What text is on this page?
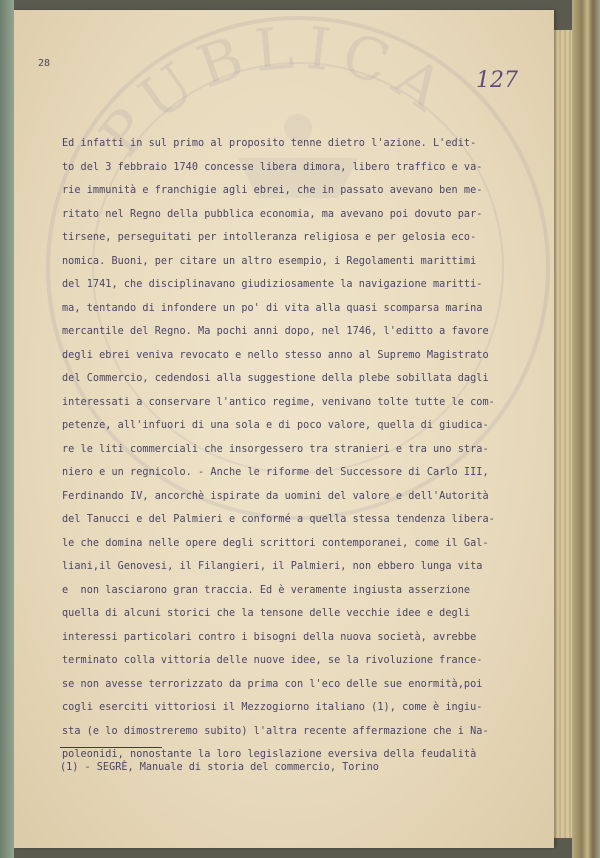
PUBLICA
28
127
Ed infatti in sul primo al proposito tenne dietro l'azione. L'edit-
to del 3 febbraio 1740 concesse libera dimora, libero traffico e va-
rie immunità e franchigie agli ebrei, che in passato avevano ben me-
ritato nel Regno della pubblica economia, ma avevano poi dovuto par-
tirsene, perseguitati per intolleranza religiosa e per gelosia eco-
nomica. Buoni, per citare un altro esempio, i Regolamenti marittimi
del 1741, che disciplinavano giudiziosamente la navigazione maritti-
ma, tentando di infondere un po' di vita alla quasi scomparsa marina
mercantile del Regno. Ma pochi anni dopo, nel 1746, l'editto a favore
degli ebrei veniva revocato e nello stesso anno al Supremo Magistrato
del Commercio, cedendosi alla suggestione della plebe sobillata dagli
interessati a conservare l'antico regime, venivano tolte tutte le com-
petenze, all'infuori di una sola e di poco valore, quella di giudica-
re le liti commerciali che insorgessero tra stranieri e tra uno stra-
niero e un regnicolo. - Anche le riforme del Successore di Carlo III,
Ferdinando IV, ancorchè ispirate da uomini del valore e dell'Autorità
del Tanucci e del Palmieri e conformé a quella stessa tendenza libera-
le che domina nelle opere degli scrittori contemporanei, come il Gal-
liani,il Genovesi, il Filangieri, il Palmieri, non ebbero lunga vita
e  non lasciarono gran traccia. Ed è veramente ingiusta asserzione
quella di alcuni storici che la tensone delle vecchie idee e degli
interessi particolari contro i bisogni della nuova società, avrebbe
terminato colla vittoria delle nuove idee, se la rivoluzione france-
se non avesse terrorizzato da prima con l'eco delle sue enormità,poi
cogli eserciti vittoriosi il Mezzogiorno italiano (1), come è ingiu-
sta (e lo dimostreremo subito) l'altra recente affermazione che i Na-
poleonidi, nonostante la loro legislazione eversiva della feudalità
(1) - SEGRÈ, Manuale di storia del commercio, Torino
